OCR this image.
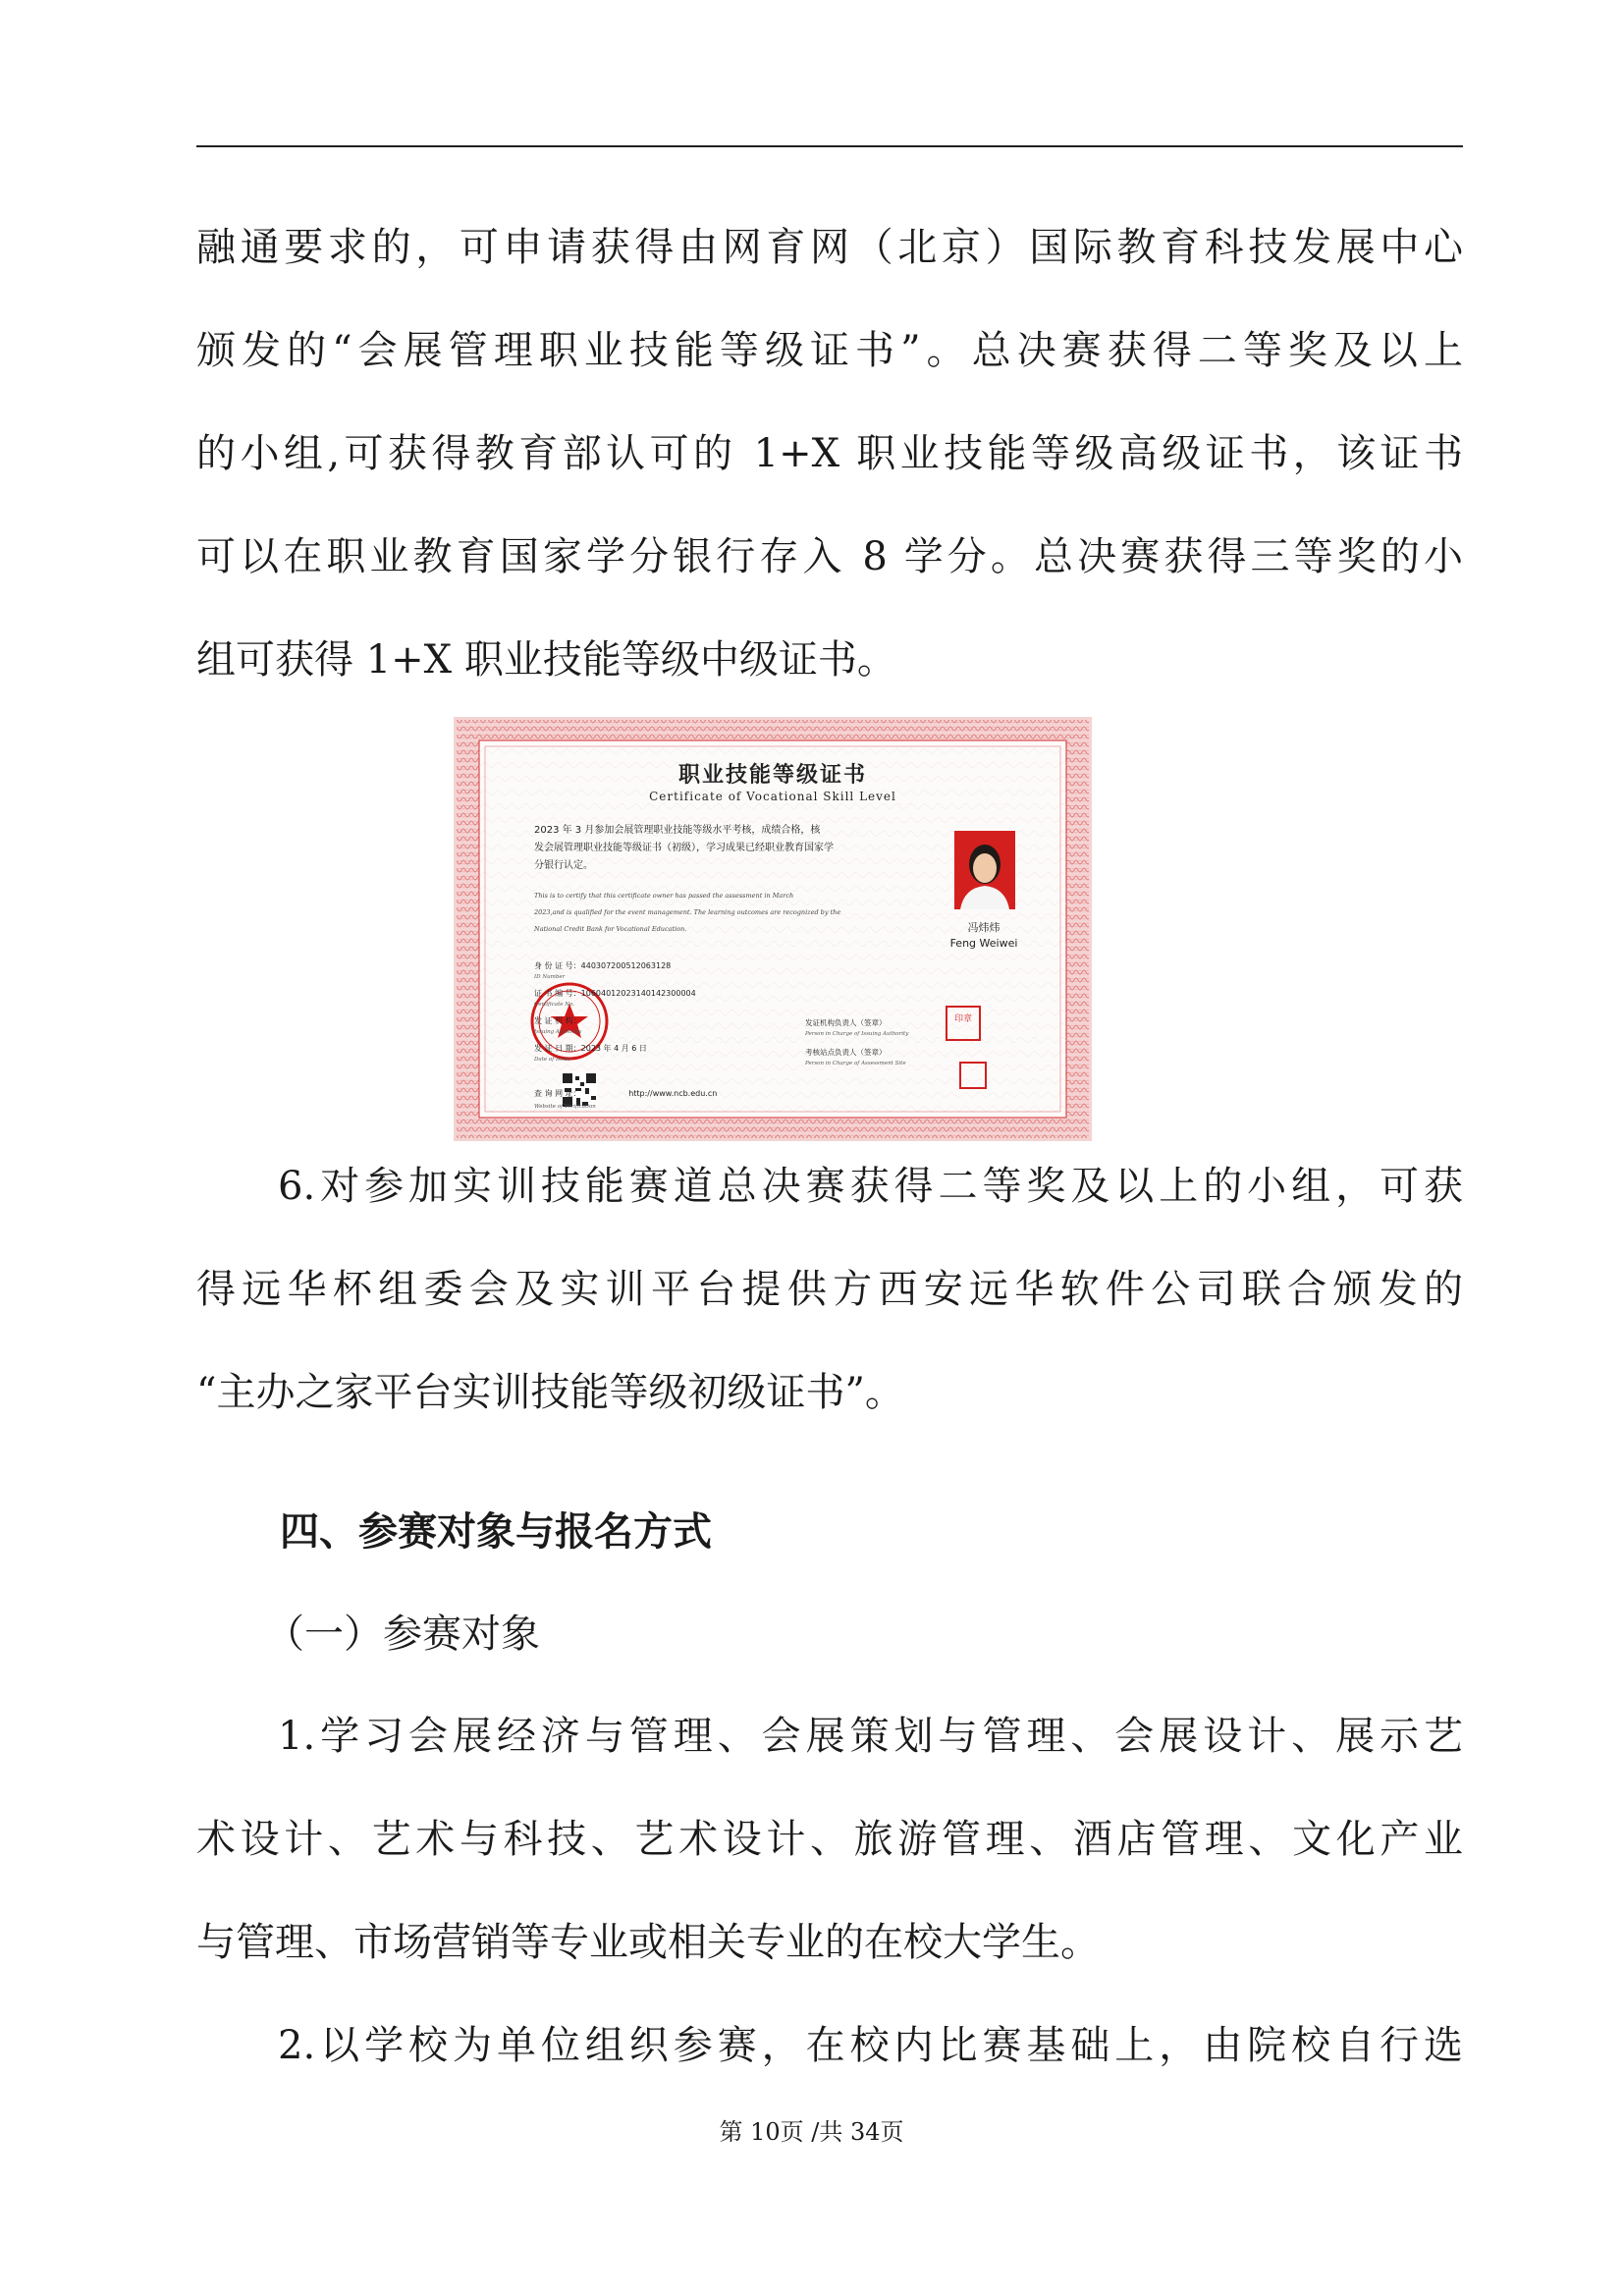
融通要求的，可申请获得由网育网（北京）国际教育科技发展中心
颁发的“会展管理职业技能等级证书”。总决赛获得二等奖及以上
的小组,可获得教育部认可的 1+X 职业技能等级高级证书，该证书
可以在职业教育国家学分银行存入 8 学分。总决赛获得三等奖的小
组可获得 1+X 职业技能等级中级证书。
印章
职业技能等级证书
Certificate of Vocational Skill Level
2023 年 3 月参加会展管理职业技能等级水平考核，成绩合格，核
发会展管理职业技能等级证书（初级），学习成果已经职业教育国家学
分银行认定。
This is to certify that this certificate owner has passed the assessment in March
2023,and is qualified for the event management. The learning outcomes are recognized by the
National Credit Bank for Vocational Education.	冯炜炜
Feng Weiwei
身 份 证 号：440307200512063128
ID Number
证 书 编 号：10604012023140142300004
Certificate No.
发 证 机 构：
Issuing Authority
发 证 日 期：2023 年 4 月 6 日
Date of Issue
查 询 网 址：	http://www.ncb.edu.cn
Website of Verification
发证机构负责人（签章）
Person in Charge of Issuing Authority
考核站点负责人（签章）
Person in Charge of Assessment Site
6.对参加实训技能赛道总决赛获得二等奖及以上的小组，可获
得远华杯组委会及实训平台提供方西安远华软件公司联合颁发的
“主办之家平台实训技能等级初级证书”。
四、参赛对象与报名方式
（一）参赛对象
1.学习会展经济与管理、会展策划与管理、会展设计、展示艺
术设计、艺术与科技、艺术设计、旅游管理、酒店管理、文化产业
与管理、市场营销等专业或相关专业的在校大学生。
2.以学校为单位组织参赛，在校内比赛基础上，由院校自行选
第 10页 /共 34页
